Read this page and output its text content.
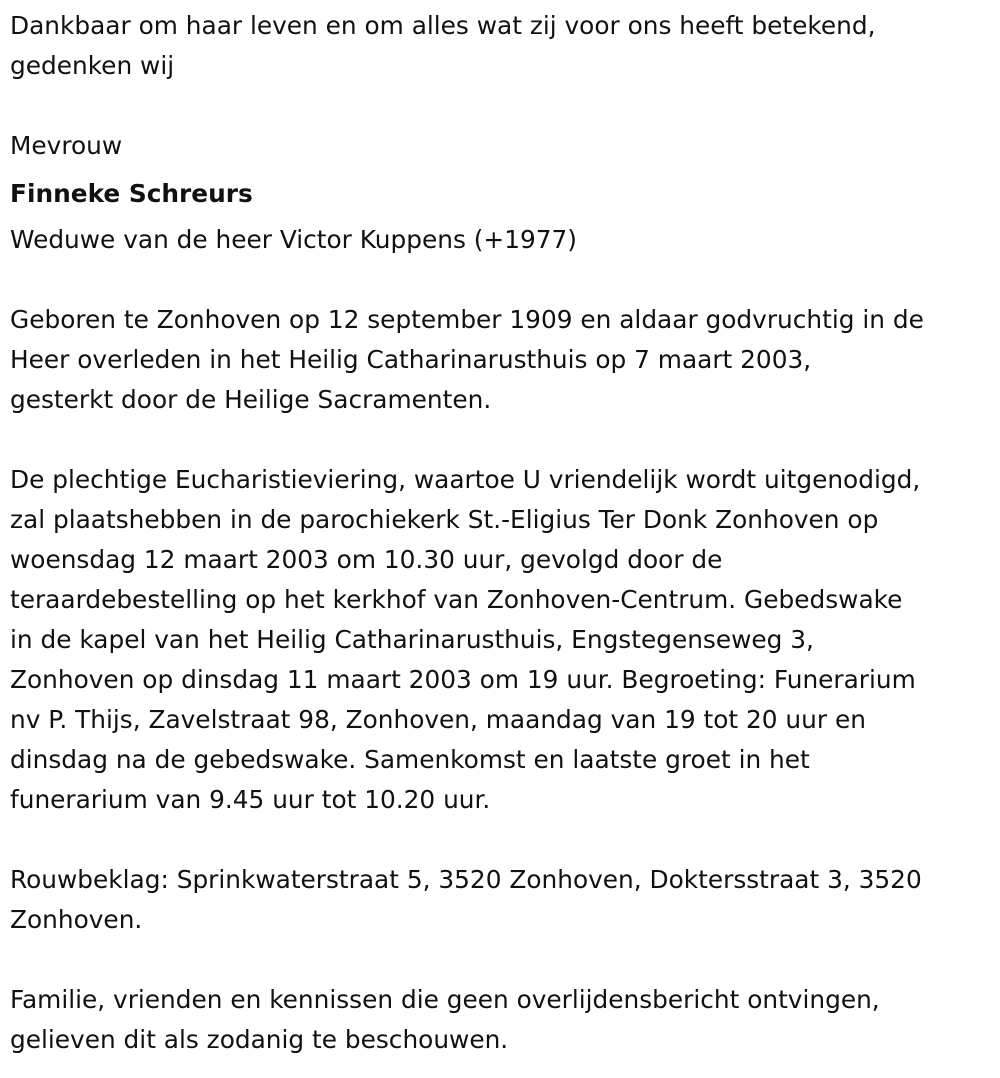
Dankbaar om haar leven en om alles wat zij voor ons heeft betekend,
gedenken wij

Mevrouw

Finneke Schreurs

Weduwe van de heer Victor Kuppens (+1977)

Geboren te Zonhoven op 12 september 1909 en aldaar godvruchtig in de
Heer overleden in het Heilig Catharinarusthuis op 7 maart 2003,
gesterkt door de Heilige Sacramenten.

De plechtige Eucharistieviering, waartoe U vriendelijk wordt uitgenodigd,
zal plaatshebben in de parochiekerk St.-Eligius Ter Donk Zonhoven op
woensdag 12 maart 2003 om 10.30 uur, gevolgd door de
teraardebestelling op het kerkhof van Zonhoven-Centrum. Gebedswake
in de kapel van het Heilig Catharinarusthuis, Engstegenseweg 3,
Zonhoven op dinsdag 11 maart 2003 om 19 uur. Begroeting: Funerarium
nv P. Thijs, Zavelstraat 98, Zonhoven, maandag van 19 tot 20 uur en
dinsdag na de gebedswake. Samenkomst en laatste groet in het
funerarium van 9.45 uur tot 10.20 uur.

Rouwbeklag: Sprinkwaterstraat 5, 3520 Zonhoven, Doktersstraat 3, 3520
Zonhoven.

Familie, vrienden en kennissen die geen overlijdensbericht ontvingen,
gelieven dit als zodanig te beschouwen.
